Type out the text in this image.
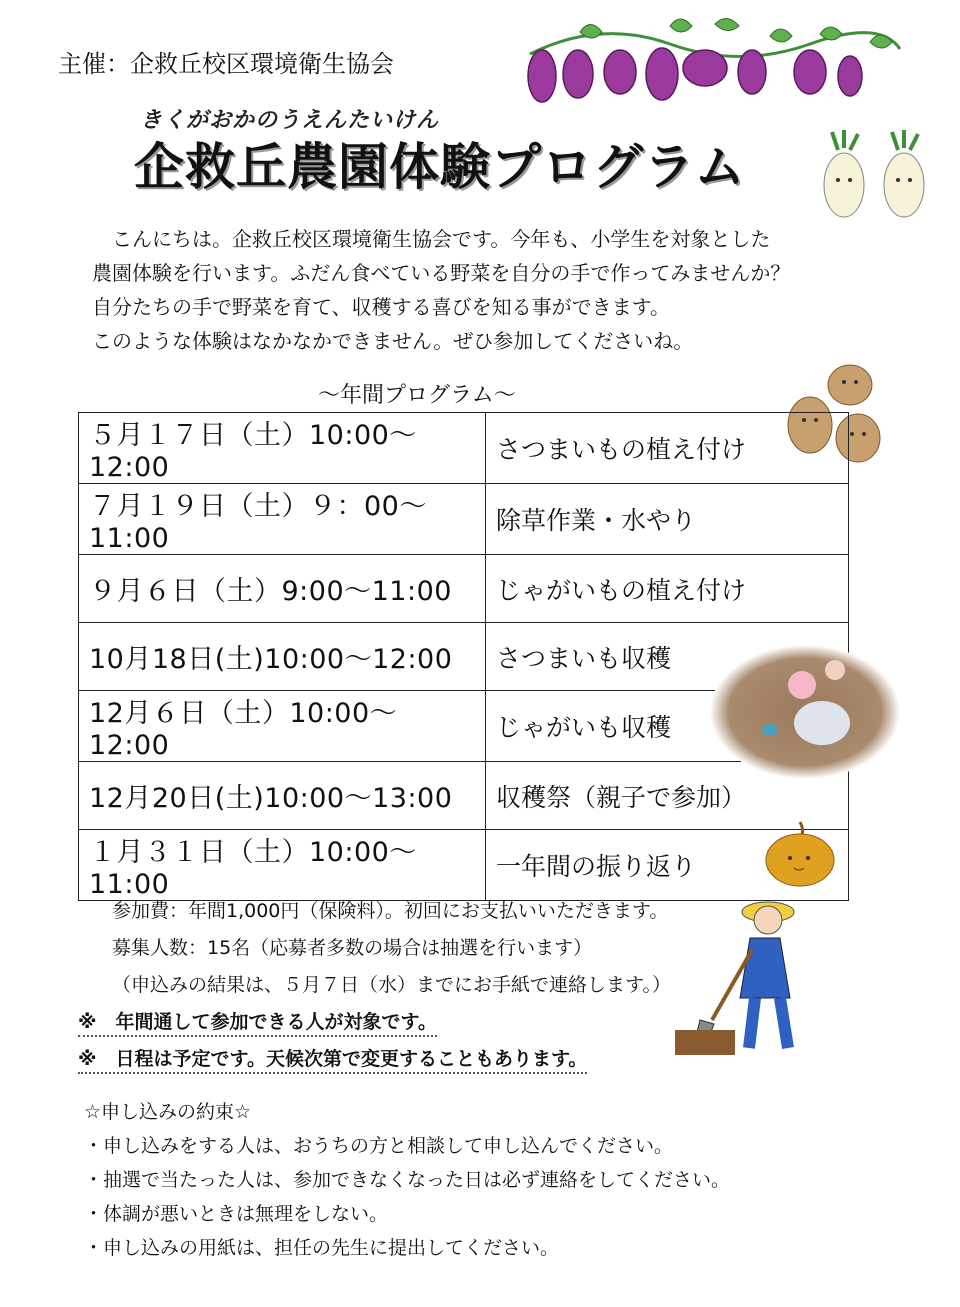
主催：企救丘校区環境衛生協会
きくがおかのうえんたいけん
企救丘農園体験プログラム

こんにちは。企救丘校区環境衛生協会です。今年も、小学生を対象とした

農園体験を行います。ふだん食べている野菜を自分の手で作ってみませんか？

自分たちの手で野菜を育て、収穫する喜びを知る事ができます。

このような体験はなかなかできません。ぜひ参加してくださいね。

～年間プログラム～
５月１７日（土）10:00～12:00	さつまいもの植え付け
７月１９日（土）９：00～11:00	除草作業・水やり
９月６日（土）9:00～11:00	じゃがいもの植え付け
10月18日(土)10:00～12:00	さつまいも収穫
12月６日（土）10:00～12:00	じゃがいも収穫
12月20日(土)10:00～13:00	収穫祭（親子で参加）
１月３１日（土）10:00～11:00	一年間の振り返り
参加費：年間1,000円（保険料）。初回にお支払いいただきます。
募集人数：15名（応募者多数の場合は抽選を行います）
（申込みの結果は、５月７日（水）までにお手紙で連絡します。）
※　年間通して参加できる人が対象です。
※　日程は予定です。天候次第で変更することもあります。
☆申し込みの約束☆
・申し込みをする人は、おうちの方と相談して申し込んでください。
・抽選で当たった人は、参加できなくなった日は必ず連絡をしてください。
・体調が悪いときは無理をしない。
・申し込みの用紙は、担任の先生に提出してください。
